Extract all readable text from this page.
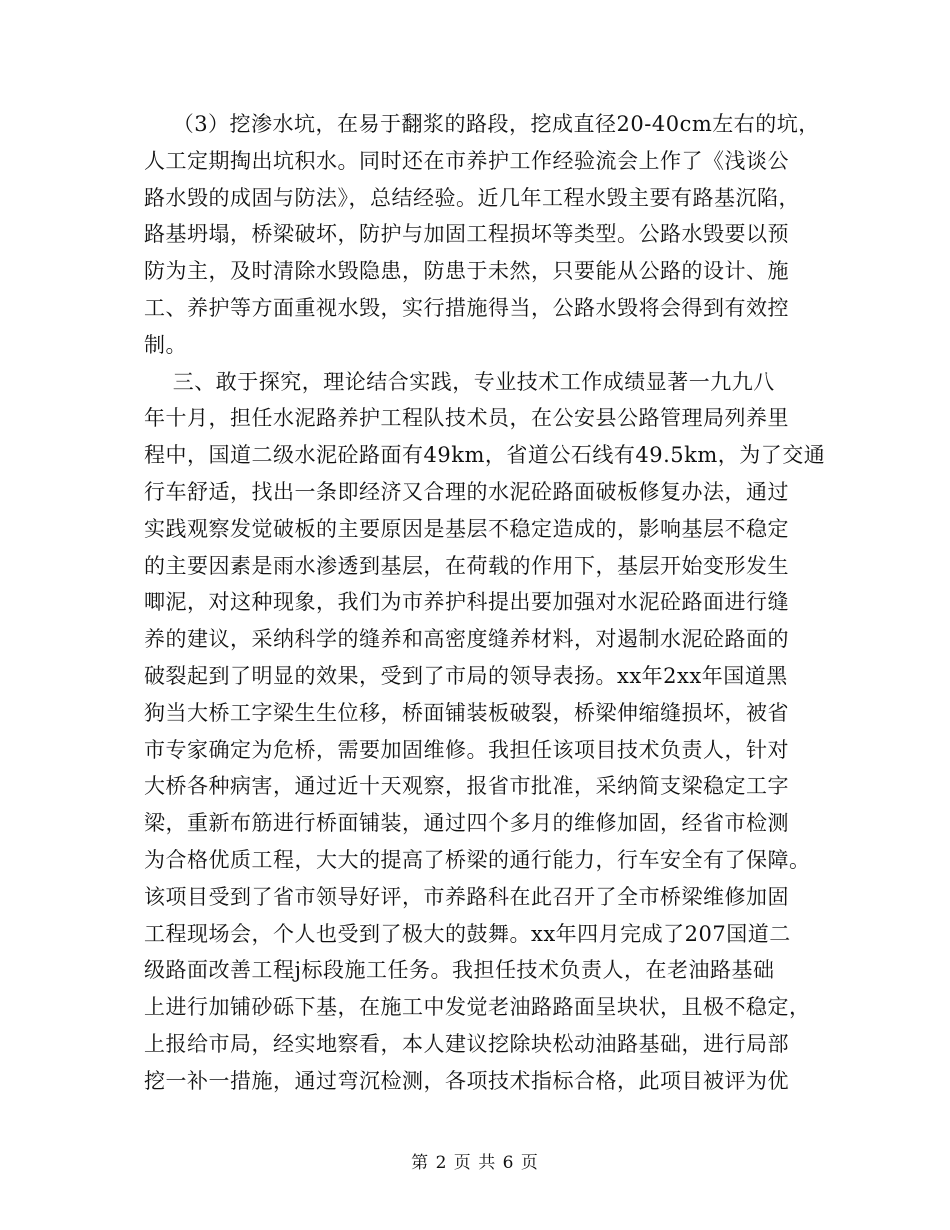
（3）挖渗水坑，在易于翻浆的路段，挖成直径20-40cm左右的坑，
人工定期掏出坑积水。同时还在市养护工作经验流会上作了《浅谈公
路水毁的成固与防法》，总结经验。近几年工程水毁主要有路基沉陷，
路基坍塌，桥梁破坏，防护与加固工程损坏等类型。公路水毁要以预
防为主，及时清除水毁隐患，防患于未然，只要能从公路的设计、施
工、养护等方面重视水毁，实行措施得当，公路水毁将会得到有效控
制。
三、敢于探究，理论结合实践，专业技术工作成绩显著一九九八
年十月，担任水泥路养护工程队技术员，在公安县公路管理局列养里
程中，国道二级水泥砼路面有49km，省道公石线有49.5km，为了交通
行车舒适，找出一条即经济又合理的水泥砼路面破板修复办法，通过
实践观察发觉破板的主要原因是基层不稳定造成的，影响基层不稳定
的主要因素是雨水渗透到基层，在荷载的作用下，基层开始变形发生
唧泥，对这种现象，我们为市养护科提出要加强对水泥砼路面进行缝
养的建议，采纳科学的缝养和高密度缝养材料，对遏制水泥砼路面的
破裂起到了明显的效果，受到了市局的领导表扬。xx年2xx年国道黑
狗当大桥工字梁生生位移，桥面铺装板破裂，桥梁伸缩缝损坏，被省
市专家确定为危桥，需要加固维修。我担任该项目技术负责人，针对
大桥各种病害，通过近十天观察，报省市批准，采纳简支梁稳定工字
梁，重新布筋进行桥面铺装，通过四个多月的维修加固，经省市检测
为合格优质工程，大大的提高了桥梁的通行能力，行车安全有了保障。
该项目受到了省市领导好评，市养路科在此召开了全市桥梁维修加固
工程现场会，个人也受到了极大的鼓舞。xx年四月完成了207国道二
级路面改善工程j标段施工任务。我担任技术负责人，在老油路基础
上进行加铺砂砾下基，在施工中发觉老油路路面呈块状，且极不稳定，
上报给市局，经实地察看，本人建议挖除块松动油路基础，进行局部
挖一补一措施，通过弯沉检测，各项技术指标合格，此项目被评为优
第 2 页 共 6 页
